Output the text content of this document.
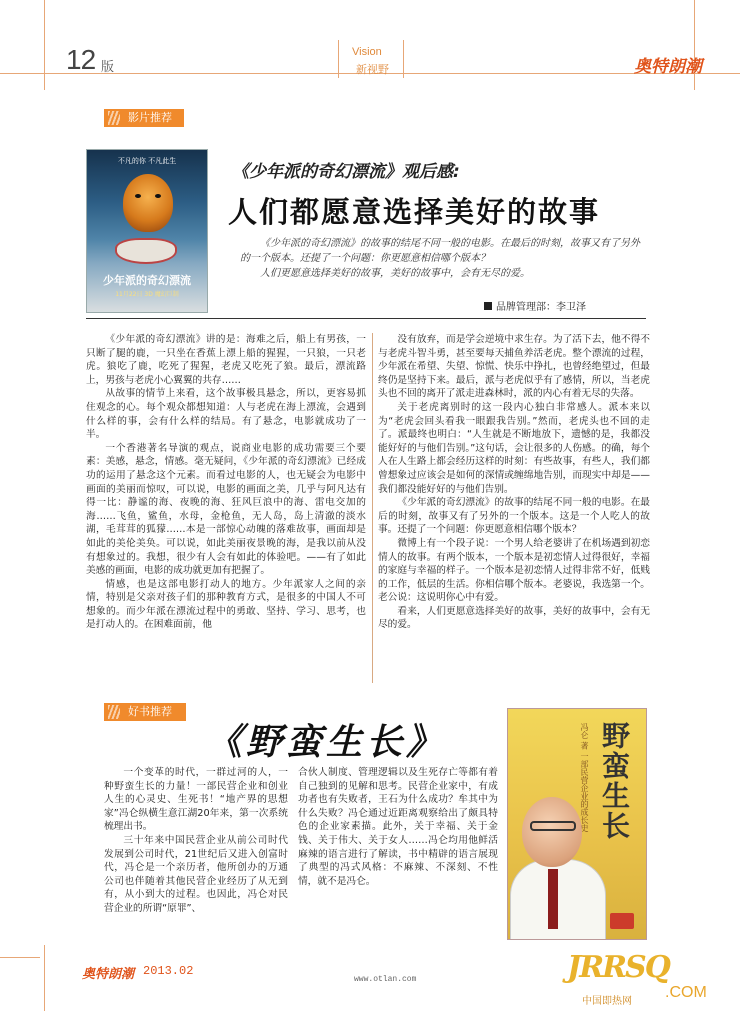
12 版
Vision
新视野	奥特朗潮
影片推荐
不凡的你 不凡此生
少年派的奇幻漂流
11月22日 3D 魔幻巨制
《少年派的奇幻漂流》观后感:
人们都愿意选择美好的故事

《少年派的奇幻漂流》的故事的结尾不同一般的电影。在最后的时刻，故事又有了另外的一个版本。还提了一个问题：你更愿意相信哪个版本？

人们更愿意选择美好的故事，美好的故事中，会有无尽的爱。

品牌管理部：李卫泽

《少年派的奇幻漂流》讲的是：海难之后，船上有男孩，一只断了腿的鹿，一只坐在香蕉上漂上船的猩猩，一只狼，一只老虎。狼吃了鹿，吃死了猩猩，老虎又吃死了狼。最后，漂流路上，男孩与老虎小心翼翼的共存……

从故事的情节上来看，这个故事极具悬念，所以，更容易抓住观念的心。每个观众都想知道：人与老虎在海上漂流，会遇到什么样的事，会有什么样的结局。有了悬念，电影就成功了一半。

一个香港著名导演的观点，说商业电影的成功需要三个要素：美感，悬念，情感。毫无疑问，《少年派的奇幻漂流》已经成功的运用了悬念这个元素。而看过电影的人，也无疑会为电影中画面的美丽而惊叹，可以说，电影的画面之美，几乎与阿凡达有得一比：静谧的海、夜晚的海、狂风巨浪中的海、雷电交加的海……飞鱼，鲨鱼，水母，金枪鱼，无人岛，岛上清澈的淡水湖，毛茸茸的狐獴……本是一部惊心动魄的落难故事，画面却是如此的美伦美奂。可以说，如此美丽夜景晚的海，是我以前从没有想象过的。我想，很少有人会有如此的体验吧。——有了如此美感的画面，电影的成功就更加有把握了。

情感，也是这部电影打动人的地方。少年派家人之间的亲情，特别是父亲对孩子们的那种教育方式，是很多的中国人不可想象的。而少年派在漂流过程中的勇敢、坚持、学习、思考，也是打动人的。在困难面前，他

没有放弃，而是学会逆境中求生存。为了活下去，他不得不与老虎斗智斗勇，甚至要每天捕鱼养活老虎。整个漂流的过程，少年派在希望、失望、惊慌、快乐中挣扎，也曾经绝望过，但最终仍是坚持下来。最后，派与老虎似乎有了感情，所以，当老虎头也不回的离开了派走进森林时，派的内心有着无尽的失落。

关于老虎离别时的这一段内心独白非常感人。派本来以为“老虎会回头看我一眼跟我告别。”然而，老虎头也不回的走了。派最终也明白：“人生就是不断地放下，遗憾的是，我都没能好好的与他们告别。”这句话，会让很多的人伤感。的确，每个人在人生路上都会经历这样的时刻：有些故事，有些人，我们都曾想象过应该会是如何的深情或缠绵地告别，而现实中却是——我们都没能好好的与他们告别。

《少年派的奇幻漂流》的故事的结尾不同一般的电影。在最后的时刻，故事又有了另外的一个版本。这是一个人吃人的故事。还提了一个问题：你更愿意相信哪个版本？

微博上有一个段子说：一个男人给老婆讲了在机场遇到初恋情人的故事。有两个版本，一个版本是初恋情人过得很好，幸福的家庭与幸福的样子。一个版本是初恋情人过得非常不好，低贱的工作，低层的生活。你相信哪个版本。老婆说，我选第一个。老公说：这说明你心中有爱。

看来，人们更愿意选择美好的故事，美好的故事中，会有无尽的爱。

好书推荐
《野蛮生长》

一个变革的时代，一群过河的人，一种野蛮生长的力量！一部民营企业和创业人生的心灵史、生死书！“地产界的思想家”冯仑纵横生意江湖20年来，第一次系统梳理出书。

三十年来中国民营企业从前公司时代发展到公司时代，21世纪后又进入创富时代，冯仑是一个亲历者，他所创办的万通公司也伴随着其他民营企业经历了从无到有，从小到大的过程。也因此，冯仑对民营企业的所谓“原罪”、

合伙人制度、管理逻辑以及生死存亡等都有着自己独到的见解和思考。民营企业家中，有成功者也有失败者，王石为什么成功？牟其中为什么失败？冯仑通过近距离观察给出了颇具特色的企业家素描。此外，关于幸福、关于金钱、关于伟大、关于女人……冯仑均用他鲜活麻辣的语言进行了解读，书中精辟的语言展现了典型的冯式风格：不麻辣、不深刻、不性情，就不是冯仑。

野蛮生长
冯仑 著 一部民营企业的成长史
奥特朗潮 2013.02
www.otlan.com	JRRSQ
.COM
中国即热网
